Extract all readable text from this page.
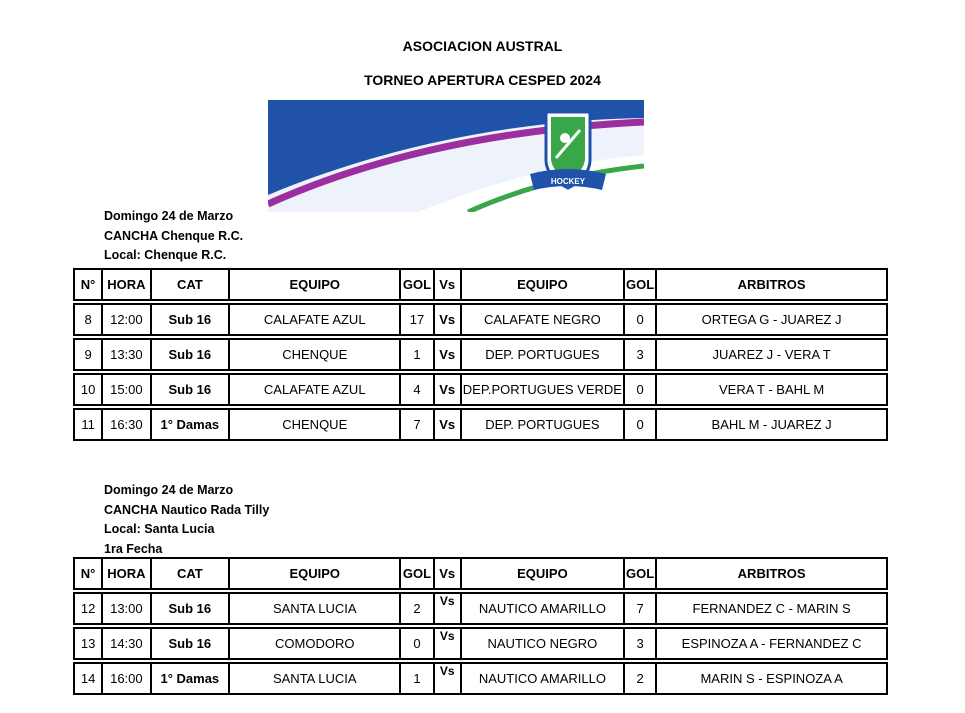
ASOCIACION AUSTRAL
TORNEO APERTURA CESPED 2024
HOCKEY
Domingo 24 de Marzo
CANCHA Chenque R.C.
Local: Chenque R.C.
N°	HORA	CAT	EQUIPO	GOL	Vs	EQUIPO	GOL	ARBITROS

8	12:00	Sub 16	CALAFATE AZUL	17	Vs	CALAFATE NEGRO	0	ORTEGA G - JUAREZ J

9	13:30	Sub 16	CHENQUE	1	Vs	DEP. PORTUGUES	3	JUAREZ J - VERA T

10	15:00	Sub 16	CALAFATE AZUL	4	Vs	DEP.PORTUGUES VERDE	0	VERA T - BAHL M

11	16:30	1° Damas	CHENQUE	7	Vs	DEP. PORTUGUES	0	BAHL M - JUAREZ J
Domingo 24 de Marzo
CANCHA Nautico Rada Tilly
Local: Santa Lucia
1ra Fecha
N°	HORA	CAT	EQUIPO	GOL	Vs	EQUIPO	GOL	ARBITROS

12	13:00	Sub 16	SANTA LUCIA	2	Vs	NAUTICO AMARILLO	7	FERNANDEZ C - MARIN S

13	14:30	Sub 16	COMODORO	0	Vs	NAUTICO NEGRO	3	ESPINOZA A - FERNANDEZ C

14	16:00	1° Damas	SANTA LUCIA	1	Vs	NAUTICO AMARILLO	2	MARIN S - ESPINOZA A
